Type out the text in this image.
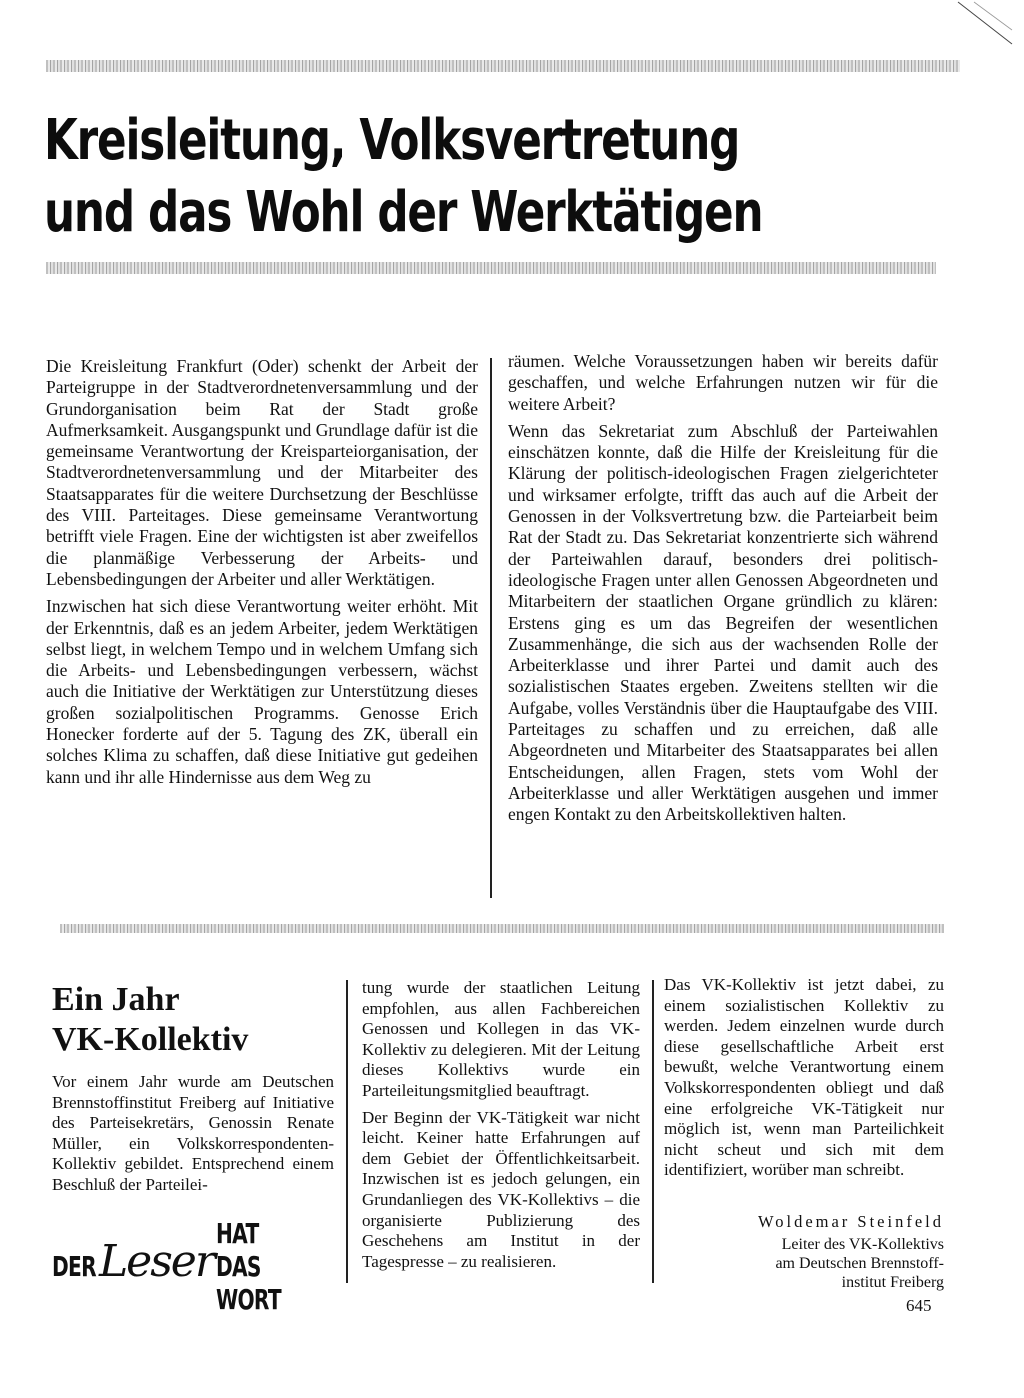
Kreisleitung, Volksvertretung
und das Wohl der Werktätigen

Die Kreisleitung Frankfurt (Oder) schenkt der Arbeit der Parteigruppe in der Stadtverordnetenversammlung und der Grundorganisation beim Rat der Stadt große Aufmerksamkeit. Ausgangspunkt und Grundlage dafür ist die gemeinsame Verantwortung der Kreisparteiorganisation, der Stadtverordnetenversammlung und der Mitarbeiter des Staatsapparates für die weitere Durchsetzung der Beschlüsse des VIII. Parteitages. Diese gemeinsame Verantwortung betrifft viele Fragen. Eine der wichtigsten ist aber zweifellos die planmäßige Verbesserung der Arbeits- und Lebensbedingungen der Arbeiter und aller Werktätigen.

Inzwischen hat sich diese Verantwortung weiter erhöht. Mit der Erkenntnis, daß es an jedem Arbeiter, jedem Werktätigen selbst liegt, in welchem Tempo und in welchem Umfang sich die Arbeits- und Lebensbedingungen verbessern, wächst auch die Initiative der Werktätigen zur Unterstützung dieses großen sozialpolitischen Programms. Genosse Erich Honecker forderte auf der 5. Tagung des ZK, überall ein solches Klima zu schaffen, daß diese Initiative gut gedeihen kann und ihr alle Hindernisse aus dem Weg zu

räumen. Welche Voraussetzungen haben wir bereits dafür geschaffen, und welche Erfahrungen nutzen wir für die weitere Arbeit?

Wenn das Sekretariat zum Abschluß der Parteiwahlen einschätzen konnte, daß die Hilfe der Kreisleitung für die Klärung der politisch-ideologischen Fragen zielgerichteter und wirksamer erfolgte, trifft das auch auf die Arbeit der Genossen in der Volksvertretung bzw. die Parteiarbeit beim Rat der Stadt zu. Das Sekretariat konzentrierte sich während der Parteiwahlen darauf, besonders drei politisch-ideologische Fragen unter allen Genossen Abgeordneten und Mitarbeitern der staatlichen Organe gründlich zu klären: Erstens ging es um das Begreifen der wesentlichen Zusammenhänge, die sich aus der wachsenden Rolle der Arbeiterklasse und ihrer Partei und damit auch des sozialistischen Staates ergeben. Zweitens stellten wir die Aufgabe, volles Verständnis über die Hauptaufgabe des VIII. Parteitages zu schaffen und zu erreichen, daß alle Abgeordneten und Mitarbeiter des Staatsapparates bei allen Entscheidungen, allen Fragen, stets vom Wohl der Arbeiterklasse und aller Werktätigen ausgehen und immer engen Kontakt zu den Arbeitskollektiven halten.

Ein Jahr
VK-Kollektiv
Vor einem Jahr wurde am Deutschen Brennstoffinstitut Freiberg auf Initiative des Parteisekretärs, Genossin Renate Müller, ein Volkskorrespondenten-Kollektiv gebildet. Entsprechend einem Beschluß der Parteilei-
DER Leser
HAT DAS WORT

tung wurde der staatlichen Leitung empfohlen, aus allen Fachbereichen Genossen und Kollegen in das VK-Kollektiv zu delegieren. Mit der Leitung dieses Kollektivs wurde ein Parteileitungsmitglied beauftragt.

Der Beginn der VK-Tätigkeit war nicht leicht. Keiner hatte Erfahrungen auf dem Gebiet der Öffentlichkeitsarbeit. Inzwischen ist es jedoch gelungen, ein Grundanliegen des VK-Kollektivs – die organisierte Publizierung des Geschehens am Institut in der Tagespresse – zu realisieren.

Das VK-Kollektiv ist jetzt dabei, zu einem sozialistischen Kollektiv zu werden. Jedem einzelnen wurde durch diese gesellschaftliche Arbeit erst bewußt, welche Verantwortung einem Volkskorrespondenten obliegt und daß eine erfolgreiche VK-Tätigkeit nur möglich ist, wenn man Parteilichkeit nicht scheut und sich mit dem identifiziert, worüber man schreibt.

Woldemar Steinfeld
Leiter des VK-Kollektivs
am Deutschen Brennstoff-
institut Freiberg
645
